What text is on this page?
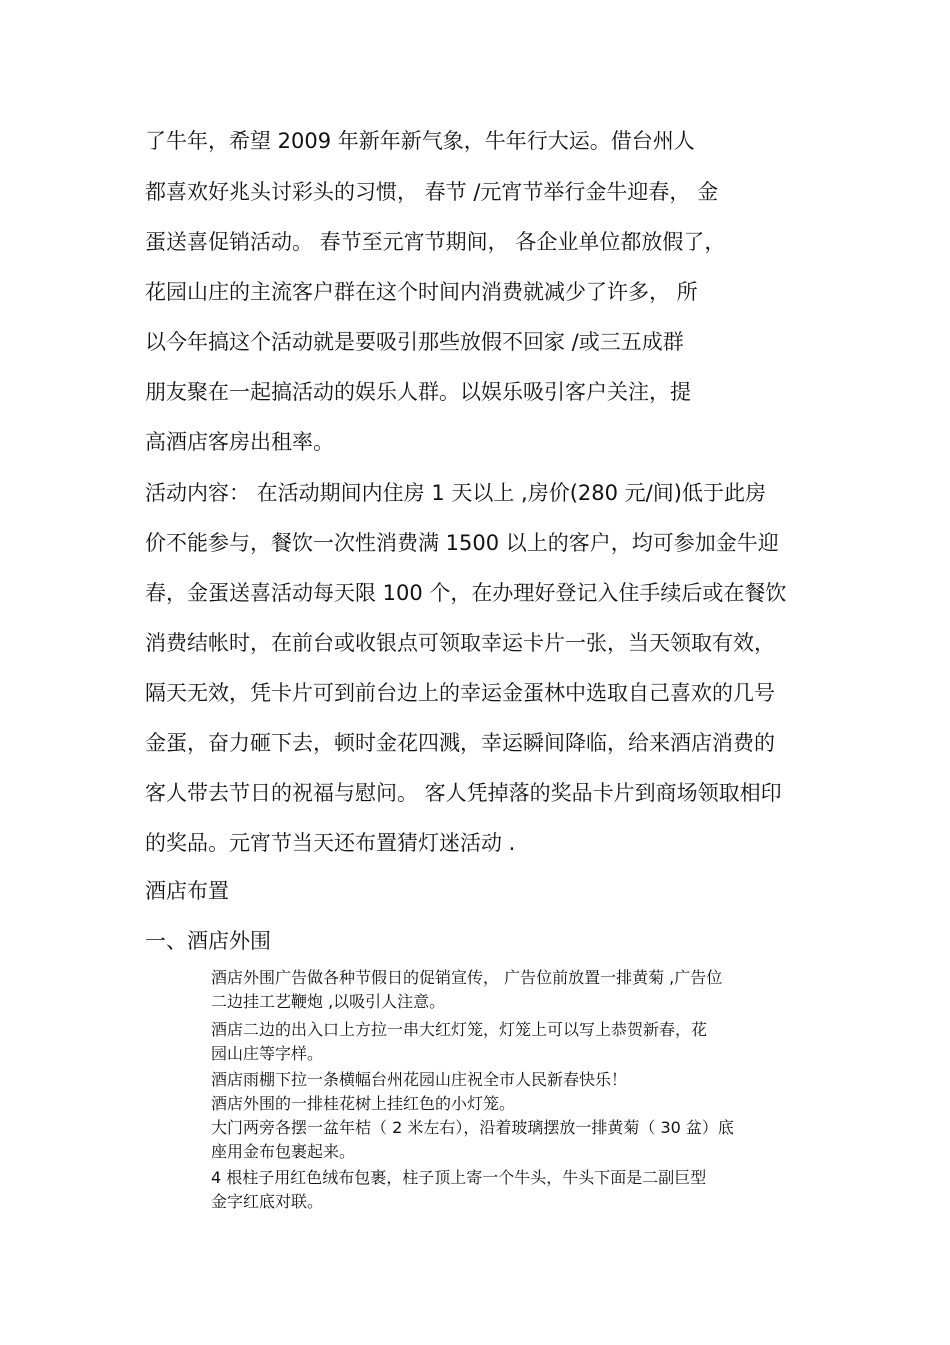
了牛年，希望 2009 年新年新气象，牛年行大运。借台州人
都喜欢好兆头讨彩头的习惯， 春节 /元宵节举行金牛迎春， 金
蛋送喜促销活动。 春节至元宵节期间， 各企业单位都放假了，
花园山庄的主流客户群在这个时间内消费就减少了许多， 所
以今年搞这个活动就是要吸引那些放假不回家 /或三五成群
朋友聚在一起搞活动的娱乐人群。以娱乐吸引客户关注，提
高酒店客房出租率。
活动内容： 在活动期间内住房 1 天以上 ,房价(280 元/间)低于此房
价不能参与，餐饮一次性消费满 1500 以上的客户，均可参加金牛迎
春，金蛋送喜活动每天限 100 个，在办理好登记入住手续后或在餐饮
消费结帐时，在前台或收银点可领取幸运卡片一张，当天领取有效，
隔天无效，凭卡片可到前台边上的幸运金蛋林中选取自己喜欢的几号
金蛋，奋力砸下去，顿时金花四溅，幸运瞬间降临，给来酒店消费的
客人带去节日的祝福与慰问。 客人凭掉落的奖品卡片到商场领取相印
的奖品。元宵节当天还布置猜灯迷活动 .
酒店布置
一、酒店外围
酒店外围广告做各种节假日的促销宣传， 广告位前放置一排黄菊 ,广告位
二边挂工艺鞭炮 ,以吸引人注意。
酒店二边的出入口上方拉一串大红灯笼，灯笼上可以写上恭贺新春，花
园山庄等字样。
酒店雨棚下拉一条横幅台州花园山庄祝全市人民新春快乐！
酒店外围的一排桂花树上挂红色的小灯笼。
大门两旁各摆一盆年桔（ 2 米左右），沿着玻璃摆放一排黄菊（ 30 盆）底
座用金布包裹起来。
4 根柱子用红色绒布包裹，柱子顶上寄一个牛头，牛头下面是二副巨型
金字红底对联。
